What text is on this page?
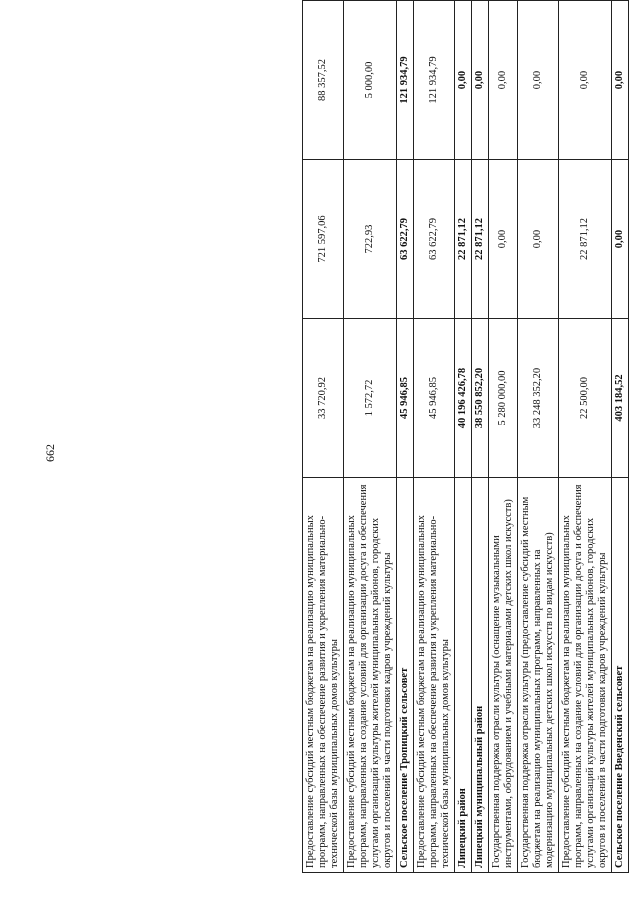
662
Предоставление субсидий местным бюджетам на реализацию муниципальных программ, направленных на обеспечение развития и укрепления материально-технической базы муниципальных домов культуры	33 720,92	721 597,06	88 357,52
Предоставление субсидий местным бюджетам на реализацию муниципальных программ, направленных на создание условий для организации досуга и обеспечения услугами организаций культуры жителей муниципальных районов, городских округов и поселений в части подготовки кадров учреждений культуры	1 572,72	722,93	5 000,00
Сельское поселение Тропицкий сельсовет	45 946,85	63 622,79	121 934,79
Предоставление субсидий местным бюджетам на реализацию муниципальных программ, направленных на обеспечение развития и укрепления материально-технической базы муниципальных домов культуры	45 946,85	63 622,79	121 934,79
Липецкий район	40 196 426,78	22 871,12	0,00
Липецкий муниципальный район	38 550 852,20	22 871,12	0,00
Государственная поддержка отрасли культуры (оснащение музыкальными инструментами, оборудованием и учебными материалами детских школ искусств)	5 280 000,00	0,00	0,00
Государственная поддержка отрасли культуры (предоставление субсидий местным бюджетам на реализацию муниципальных программ, направленных на модернизацию муниципальных детских школ искусств по видам искусств)	33 248 352,20	0,00	0,00
Предоставление субсидий местным бюджетам на реализацию муниципальных программ, направленных на создание условий для организации досуга и обеспечения услугами организаций культуры жителей муниципальных районов, городских округов и поселений в части подготовки кадров учреждений культуры	22 500,00	22 871,12	0,00
Сельское поселение Введенский сельсовет	403 184,52	0,00	0,00
